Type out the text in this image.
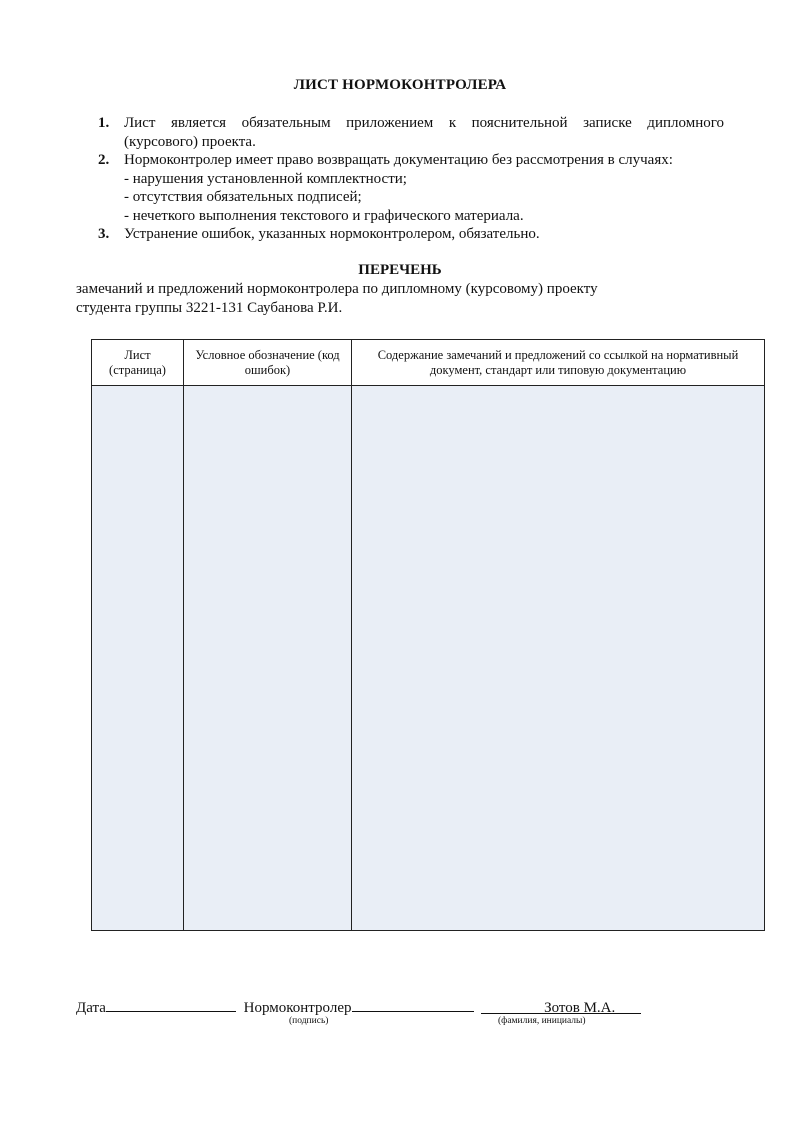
ЛИСТ НОРМОКОНТРОЛЕРА
1. Лист является обязательным приложением к пояснительной записке дипломного
(курсового) проекта.
2. Нормоконтролер имеет право возвращать документацию без рассмотрения в случаях:
- нарушения установленной комплектности;
- отсутствия обязательных подписей;
- нечеткого выполнения текстового и графического материала.
3. Устранение ошибок, указанных нормоконтролером, обязательно.
ПЕРЕЧЕНЬ
замечаний и предложений нормоконтролера по дипломному (курсовому) проекту
студента группы 3221-131 Саубанова Р.И.
Лист (страница)	Условное обозначение (код ошибок)	Содержание замечаний и предложений со ссылкой на нормативный документ, стандарт или типовую документацию

Дата	Нормоконтролер	Зотов М.А.
(подпись)	(фамилия, инициалы)
